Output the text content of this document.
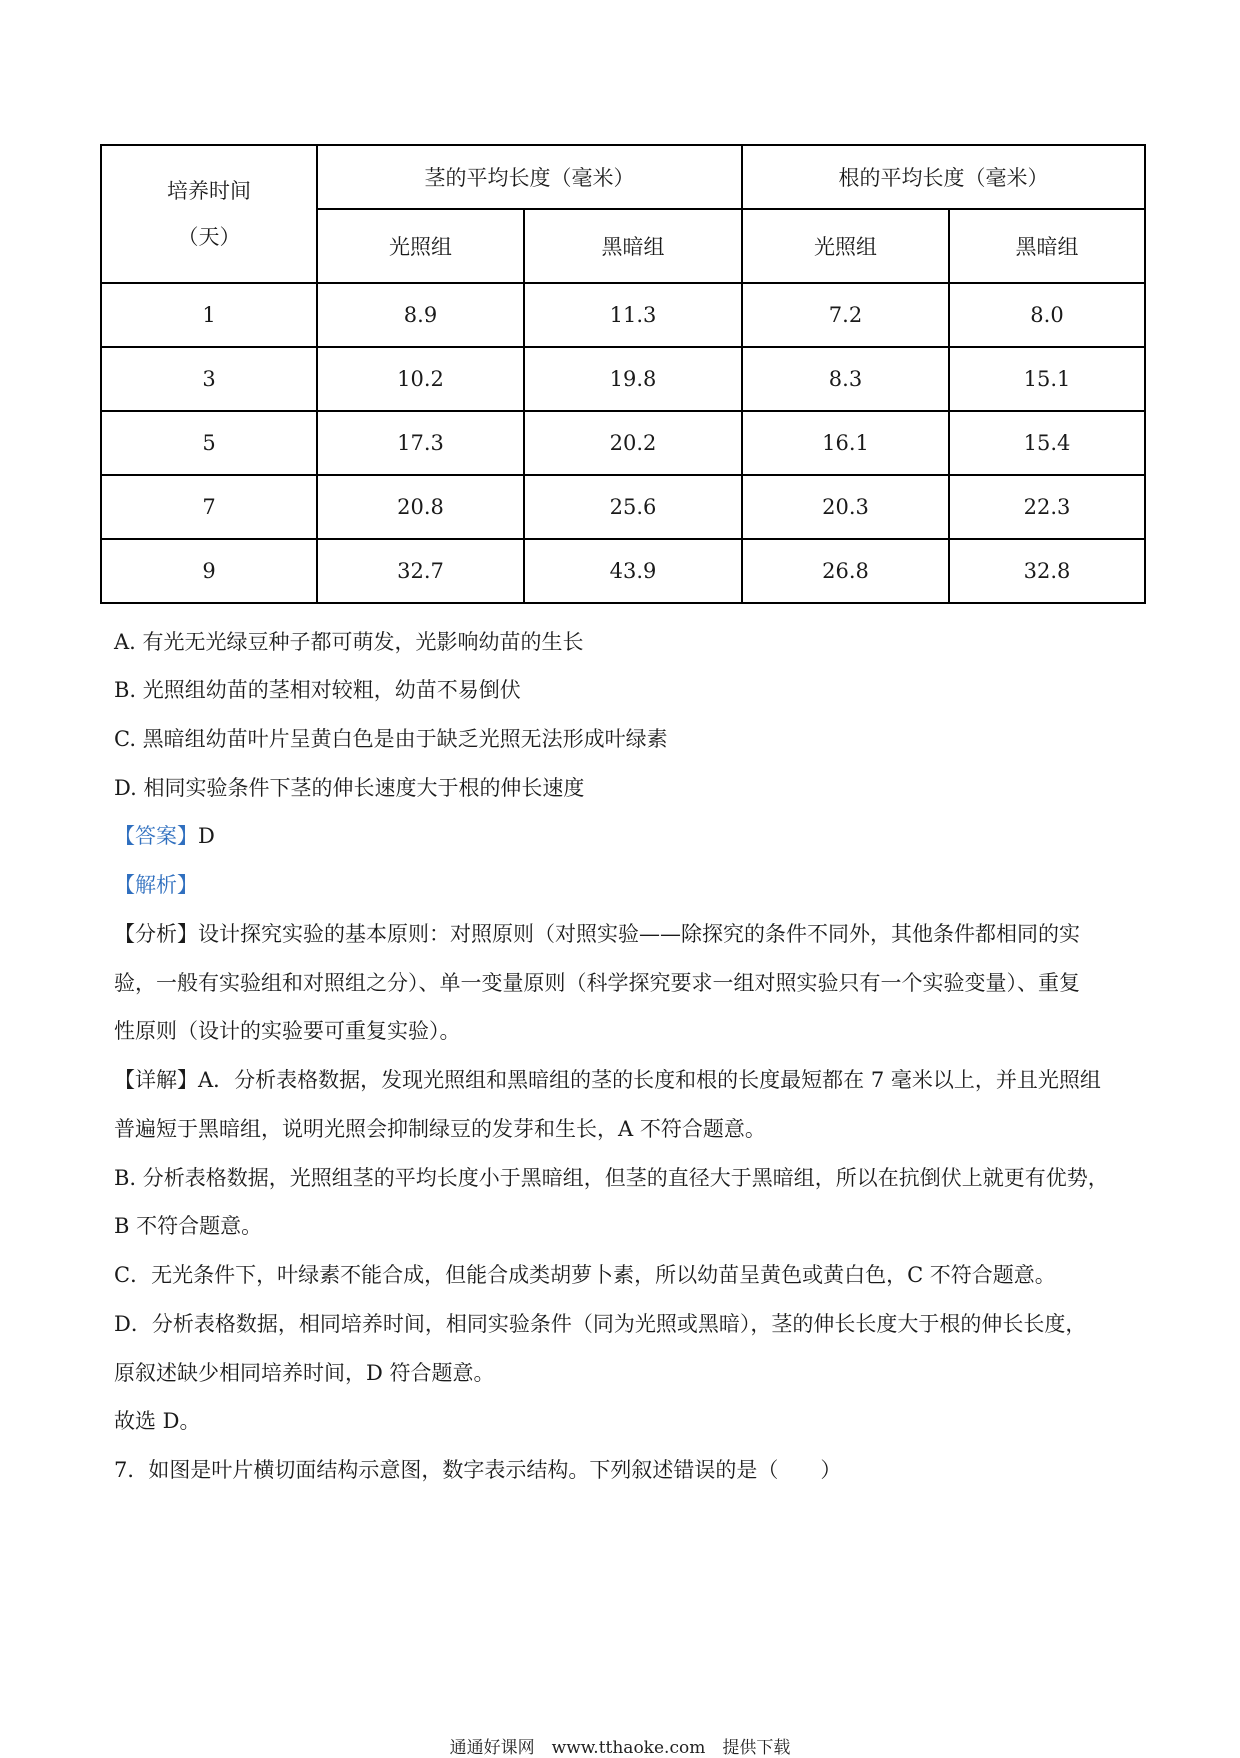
培养时间
（天）	茎的平均长度（毫米）		根的平均长度（毫米）	
	光照组	黑暗组	光照组	黑暗组
1	8.9	11.3	7.2	8.0
3	10.2	19.8	8.3	15.1
5	17.3	20.2	16.1	15.4
7	20.8	25.6	20.3	22.3
9	32.7	43.9	26.8	32.8
A. 有光无光绿豆种子都可萌发，光影响幼苗的生长
B. 光照组幼苗的茎相对较粗，幼苗不易倒伏
C. 黑暗组幼苗叶片呈黄白色是由于缺乏光照无法形成叶绿素
D. 相同实验条件下茎的伸长速度大于根的伸长速度
【答案】D
【解析】
【分析】设计探究实验的基本原则：对照原则（对照实验——除探究的条件不同外，其他条件都相同的实
验，一般有实验组和对照组之分）、单一变量原则（科学探究要求一组对照实验只有一个实验变量）、重复
性原则（设计的实验要可重复实验）。
【详解】A．分析表格数据，发现光照组和黑暗组的茎的长度和根的长度最短都在 7 毫米以上，并且光照组
普遍短于黑暗组，说明光照会抑制绿豆的发芽和生长，A 不符合题意。
B. 分析表格数据，光照组茎的平均长度小于黑暗组，但茎的直径大于黑暗组，所以在抗倒伏上就更有优势，
B 不符合题意。
C．无光条件下，叶绿素不能合成，但能合成类胡萝卜素，所以幼苗呈黄色或黄白色，C 不符合题意。
D．分析表格数据，相同培养时间，相同实验条件（同为光照或黑暗），茎的伸长长度大于根的伸长长度，
原叙述缺少相同培养时间，D 符合题意。
故选 D。
7．如图是叶片横切面结构示意图，数字表示结构。下列叙述错误的是（　　）
通通好课网　www.tthaoke.com　提供下载
